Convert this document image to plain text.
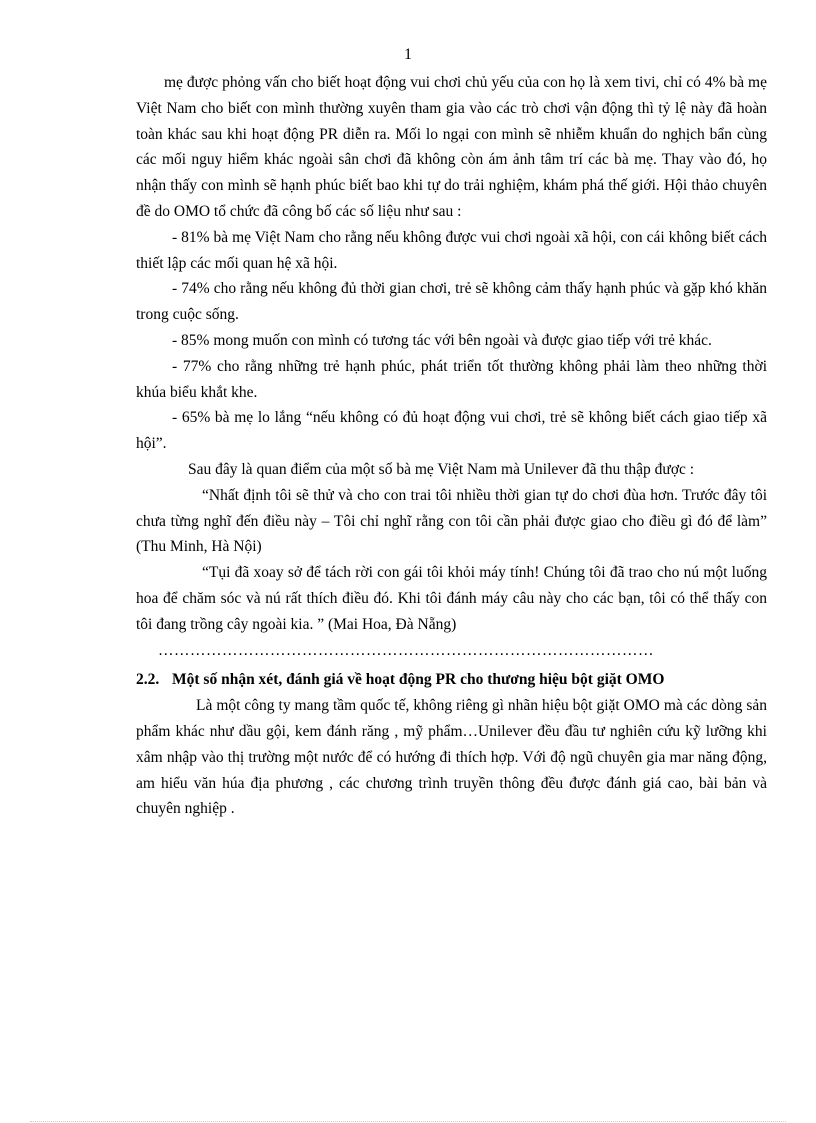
1

mẹ được phỏng vấn cho biết hoạt động vui chơi chủ yếu của con họ là xem tivi, chỉ có 4% bà mẹ Việt Nam cho biết con mình thường xuyên tham gia vào các trò chơi vận động thì tỷ lệ này đã hoàn toàn khác sau khi hoạt động PR diễn ra. Mối lo ngại con mình sẽ nhiễm khuẩn do nghịch bẩn cùng các mối nguy hiểm khác ngoài sân chơi đã không còn ám ảnh tâm trí các bà mẹ. Thay vào đó, họ nhận thấy con mình sẽ hạnh phúc biết bao khi tự do trải nghiệm, khám phá thế giới. Hội thảo chuyên đề do OMO tổ chức đã công bố các số liệu như sau :

- 81% bà mẹ Việt Nam cho rằng nếu không được vui chơi ngoài xã hội, con cái không biết cách thiết lập các mối quan hệ xã hội.

- 74% cho rằng nếu không đủ thời gian chơi, trẻ sẽ không cảm thấy hạnh phúc và gặp khó khăn trong cuộc sống.

- 85% mong muốn con mình có tương tác với bên ngoài và được giao tiếp với trẻ khác.

- 77% cho rằng những trẻ hạnh phúc, phát triển tốt thường không phải làm theo những thời khúa biểu khắt khe.

- 65% bà mẹ lo lắng “nếu không có đủ hoạt động vui chơi, trẻ sẽ không biết cách giao tiếp xã hội”.

Sau đây là quan điểm của một số bà mẹ Việt Nam mà Unilever đã thu thập được :

“Nhất định tôi sẽ thử và cho con trai tôi nhiều thời gian tự do chơi đùa hơn. Trước đây tôi chưa từng nghĩ đến điều này – Tôi chỉ nghĩ rằng con tôi cần phải được giao cho điều gì đó để làm” (Thu Minh, Hà Nội)

“Tụi đã xoay sở để tách rời con gái tôi khỏi máy tính! Chúng tôi đã trao cho nú một luống hoa để chăm sóc và nú rất thích điều đó. Khi tôi đánh máy câu này cho các bạn, tôi có thể thấy con tôi đang trồng cây ngoài kia. ” (Mai Hoa, Đà Nẵng)

…………………………………………………………………………………

2.2. Một số nhận xét, đánh giá về hoạt động PR cho thương hiệu bột giặt OMO

Là một công ty mang tầm quốc tế, không riêng gì nhãn hiệu bột giặt OMO mà các dòng sản phẩm khác như dầu gội, kem đánh răng , mỹ phẩm…Unilever đều đầu tư nghiên cứu kỹ lưỡng khi xâm nhập vào thị trường một nước để có hướng đi thích hợp. Với độ ngũ chuyên gia mar năng động, am hiểu văn húa địa phương , các chương trình truyền thông đều được đánh giá cao, bài bản và chuyên nghiệp .
